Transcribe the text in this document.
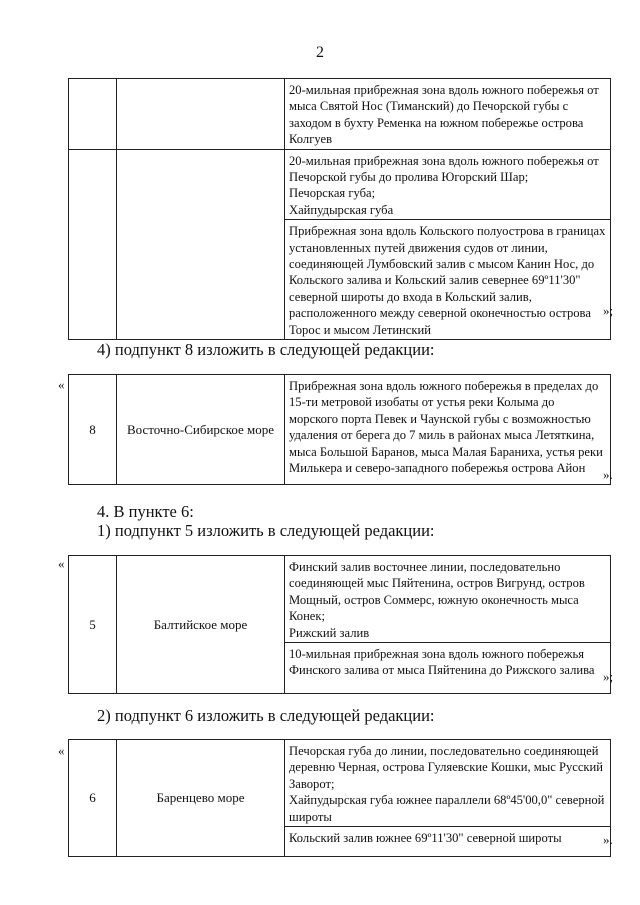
2
		20-мильная прибрежная зона вдоль южного побережья от мыса Святой Нос (Тиманский) до Печорской губы с заходом в бухту Ременка на южном побережье острова Колгуев
		20-мильная прибрежная зона вдоль южного побережья от Печорской губы до пролива Югорский Шар;
Печорская губа;
Хайпудырская губа
		Прибрежная зона вдоль Кольского полуострова в границах установленных путей движения судов от линии, соединяющей Лумбовский залив с мысом Канин Нос, до Кольского залива и Кольский залив севернее 69º11'30" северной широты до входа в Кольский залив, расположенного между северной оконечностью острова Торос и мысом Летинский
»;
4) подпункт 8 изложить в следующей редакции:
«
8	Восточно-Сибирское море	Прибрежная зона вдоль южного побережья в пределах до 15-ти метровой изобаты от устья реки Колыма до морского порта Певек и Чаунской губы с возможностью удаления от берега до 7 миль в районах мыса Летяткина, мыса Большой Баранов, мыса Малая Бараниха, устья реки Милькера и северо-западного побережья острова Айон ».
4. В пункте 6:
1) подпункт 5 изложить в следующей редакции:
«
5	Балтийское море	Финский залив восточнее линии, последовательно соединяющей мыс Пяйтенина, остров Вигрунд, остров Мощный, остров Соммерс, южную оконечность мыса Конек;
Рижский залив
10-мильная прибрежная зона вдоль южного побережья Финского залива от мыса Пяйтенина до Рижского залива »;
2) подпункт 6 изложить в следующей редакции:
«
6	Баренцево море	Печорская губа до линии, последовательно соединяющей деревню Черная, острова Гуляевские Кошки, мыс Русский Заворот;
Хайпудырская губа южнее параллели 68º45'00,0" северной широты
Кольский залив южнее 69º11'30" северной широты	».
